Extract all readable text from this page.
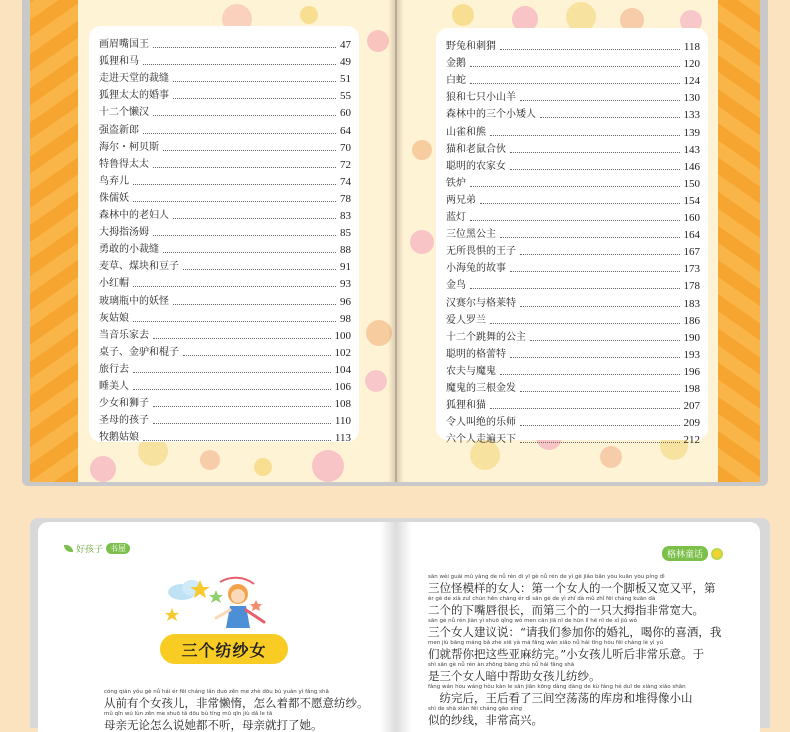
画眉嘴国王	47
狐狸和马	49
走进天堂的裁缝	51
狐狸太太的婚事	55
十二个懒汉	60
强盗新郎	64
海尔・柯贝斯	70
特鲁得太太	72
鸟弃儿	74
侏儒妖	78
森林中的老妇人	83
大拇指汤姆	85
勇敢的小裁缝	88
麦草、煤块和豆子	91
小红帽	93
玻璃瓶中的妖怪	96
灰姑娘	98
当音乐家去	100
桌子、金驴和棍子	102
旅行去	104
睡美人	106
少女和狮子	108
圣母的孩子	110
牧鹅姑娘	113
野兔和刺猬	118
金鹅	120
白蛇	124
狼和七只小山羊	130
森林中的三个小矮人	133
山雀和熊	139
猫和老鼠合伙	143
聪明的农家女	146
铁炉	150
两兄弟	154
蓝灯	160
三位黑公主	164
无所畏惧的王子	167
小海兔的故事	173
金鸟	178
汉赛尔与格莱特	183
爱人罗兰	186
十二个跳舞的公主	190
聪明的格蕾特	193
农夫与魔鬼	196
魔鬼的三根金发	198
狐狸和猫	207
令人叫绝的乐师	209
六个人走遍天下	212
好孩子 书屋
三个纺纱女
格林童话
sān wèi guài mú yàng de nǚ rén dì yī gè nǚ rén de yì gè jiǎo bǎn yòu kuān yòu píng dì
三位怪模样的女人：第一个女人的一个脚板又宽又平，第
èr gè de xià zuǐ chún hěn cháng ér dì sān gè de yì zhī dà mǔ zhǐ fēi cháng kuān dà
二个的下嘴唇很长，而第三个的一只大拇指非常宽大。
sān gè nǚ rén jiàn yì shuō qǐng wǒ men cān jiā nǐ de hūn lǐ hē nǐ de xǐ jiǔ wǒ
三个女人建议说：“请我们参加你的婚礼，喝你的喜酒，我
men jiù bāng máng bǎ zhè xiē yà má fǎng wán xiǎo nǚ hái tīng hòu fēi cháng lè yì yú
们就帮你把这些亚麻纺完。”小女孩儿听后非常乐意。于
shì sān gè nǚ rén àn zhōng bāng zhù nǚ hái fǎng shā
是三个女人暗中帮助女孩儿纺纱。
fǎng wán hòu wáng hòu kàn le sān jiān kōng dàng dàng de kù fáng hé duī de xiàng xiǎo shān
　纺完后，王后看了三间空荡荡的库房和堆得像小山
shì de shā xiàn fēi cháng gāo xìng
似的纱线，非常高兴。
cóng qián yǒu gè nǚ hái ér fēi cháng lǎn duò zěn me zhè dōu bù yuàn yì fǎng shā
从前有个女孩儿，非常懒惰，怎么着都不愿意纺纱。
mǔ qīn wú lùn zěn me shuō tā dōu bù tīng mǔ qīn jiù dǎ le tā
母亲无论怎么说她都不听，母亲就打了她。
